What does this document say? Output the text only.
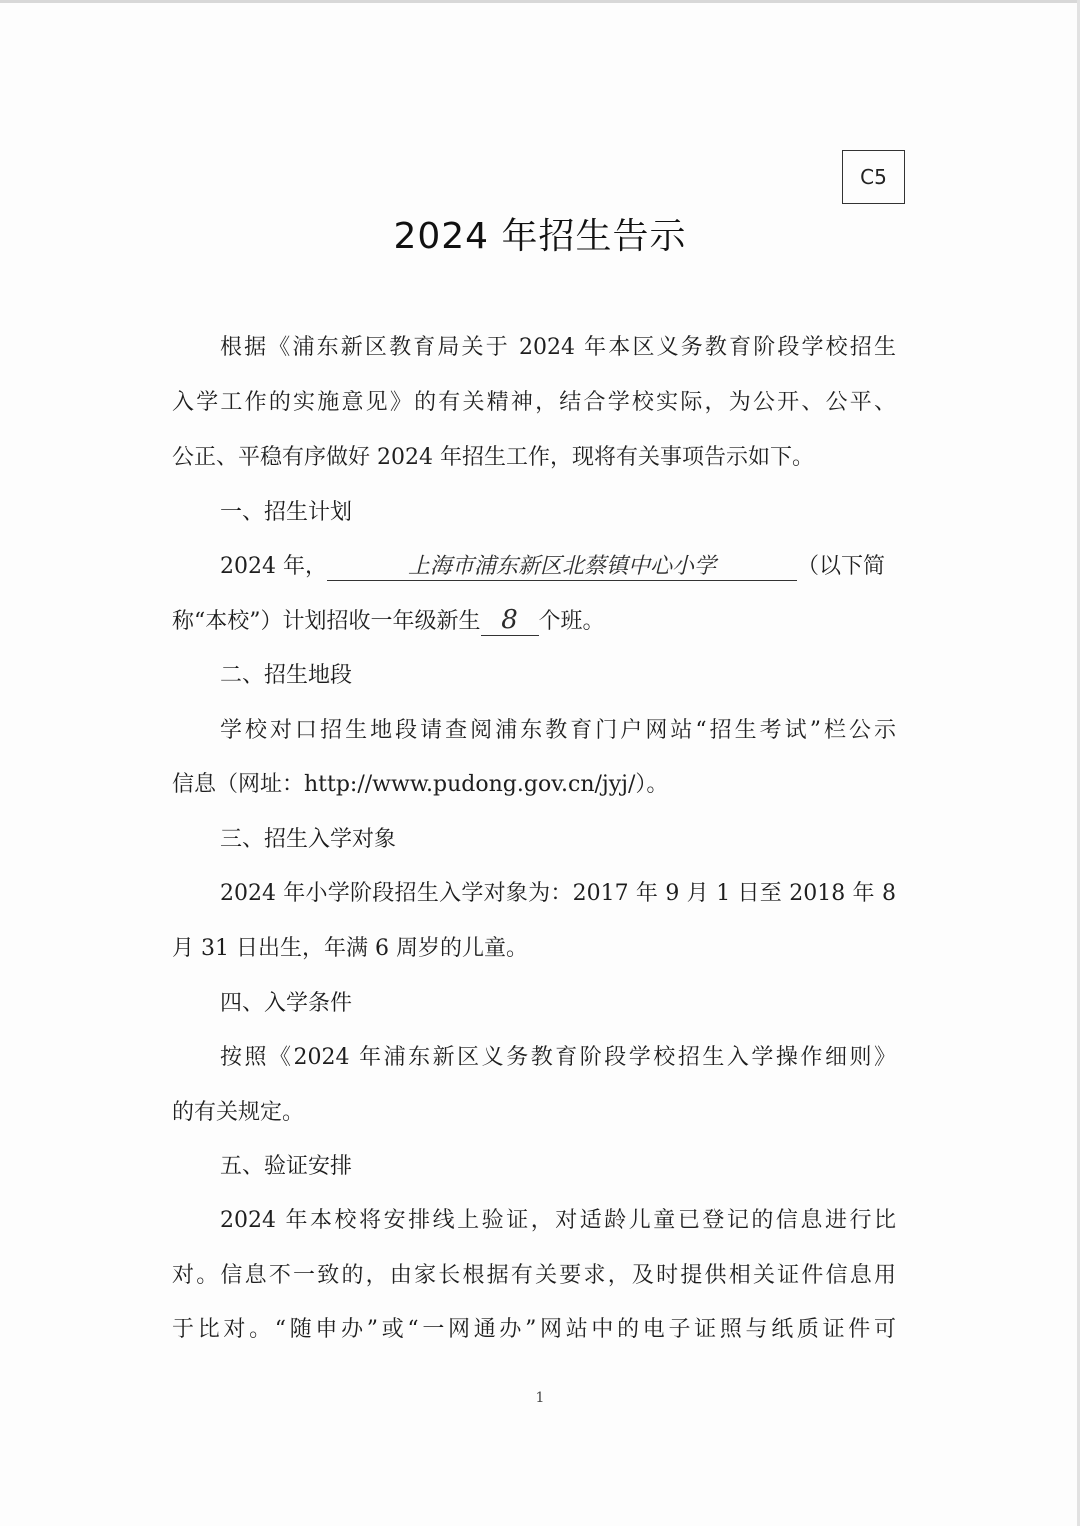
C5
2024 年招生告示
根据《浦东新区教育局关于 2024 年本区义务教育阶段学校招生
入学工作的实施意见》的有关精神，结合学校实际，为公开、公平、
公正、平稳有序做好 2024 年招生工作，现将有关事项告示如下。
一、招生计划
2024 年，	上海市浦东新区北蔡镇中心小学	（以下简
称“本校”）计划招收一年级新生 8 个班。
二、招生地段
学校对口招生地段请查阅浦东教育门户网站“招生考试”栏公示
信息（网址：http://www.pudong.gov.cn/jyj/）。
三、招生入学对象
2024 年小学阶段招生入学对象为：2017 年 9 月 1 日至 2018 年 8
月 31 日出生，年满 6 周岁的儿童。
四、入学条件
按照《2024 年浦东新区义务教育阶段学校招生入学操作细则》
的有关规定。
五、验证安排
2024 年本校将安排线上验证，对适龄儿童已登记的信息进行比
对。信息不一致的，由家长根据有关要求，及时提供相关证件信息用
于比对。“随申办”或“一网通办”网站中的电子证照与纸质证件可
1
